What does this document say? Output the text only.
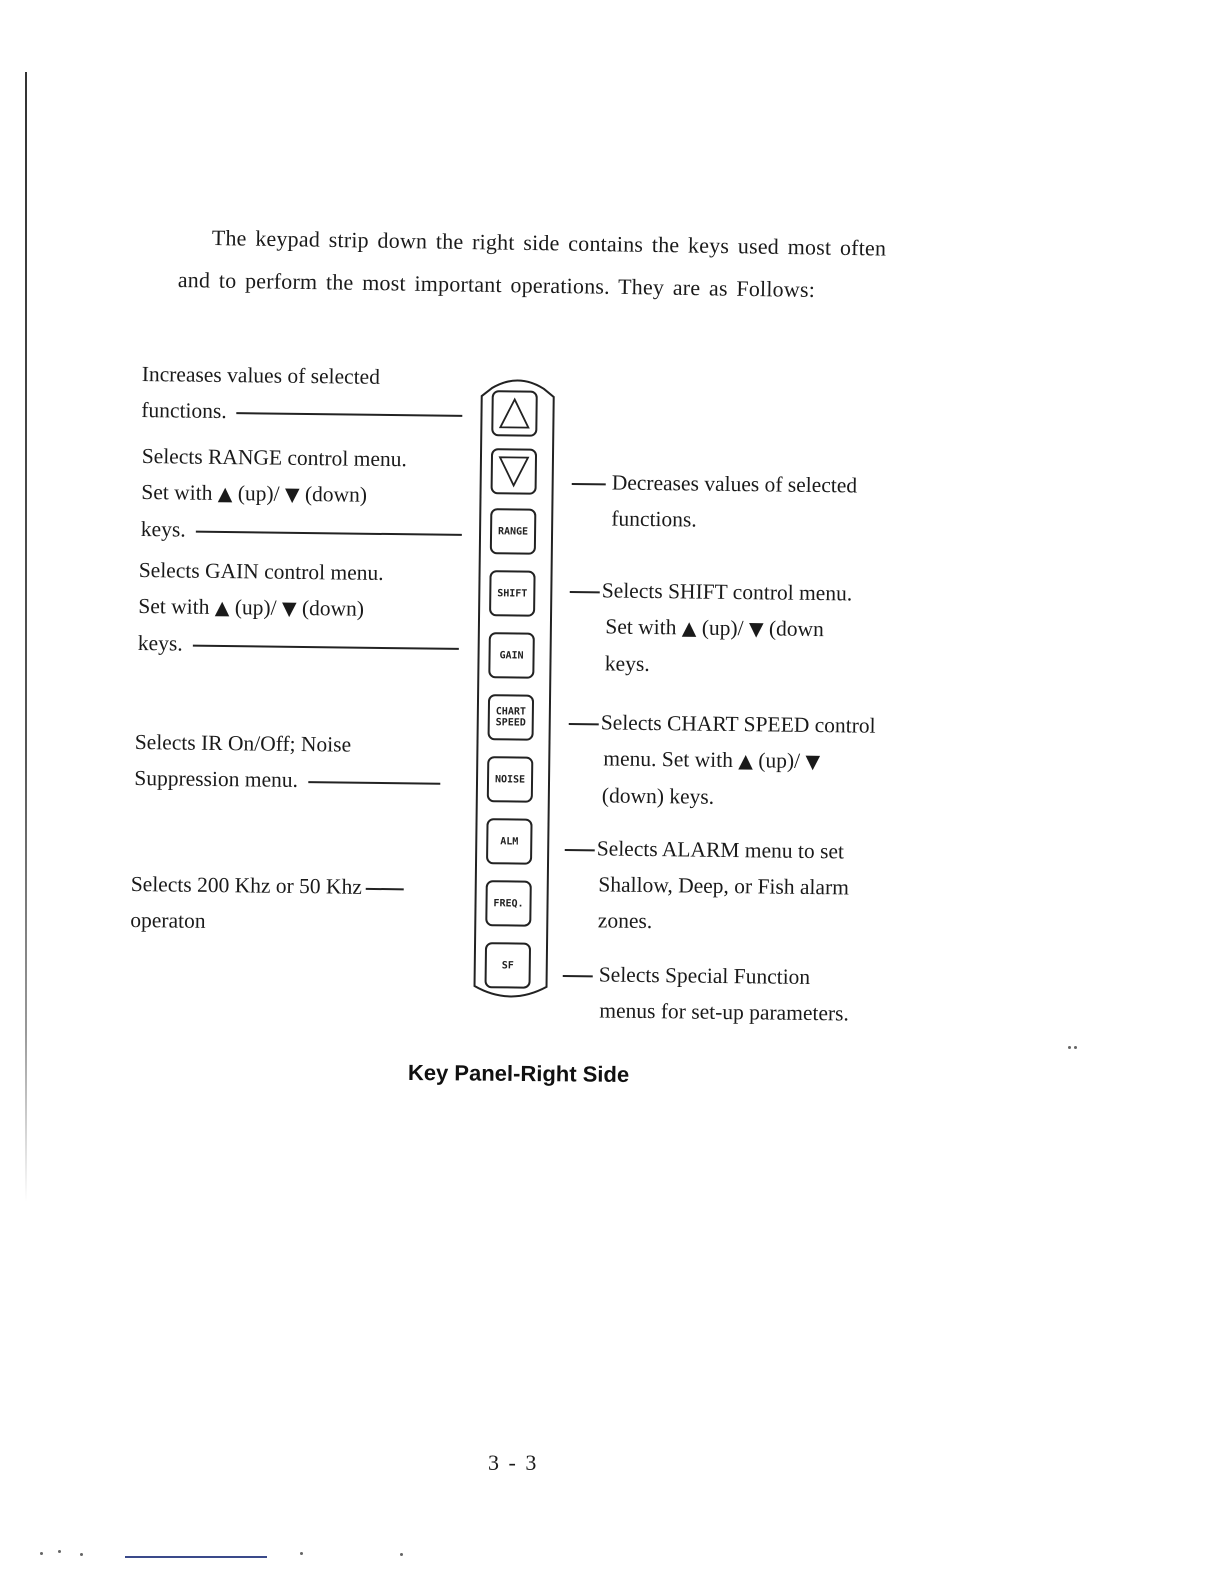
The keypad strip down the right side contains the keys used most often
and to perform the most important operations. They are as Follows:
Increases values of selected
functions.
Selects RANGE control menu.
Set with ▲ (up)/ ▼ (down)
keys.
Selects GAIN control menu.
Set with ▲ (up)/ ▼ (down)
keys.
Selects IR On/Off; Noise
Suppression menu.
Selects 200 Khz or 50 Khz
operaton
Decreases values of selected
functions.
Selects SHIFT control menu.
Set with ▲ (up)/ ▼ (down
keys.
Selects CHART SPEED control
menu. Set with ▲ (up)/ ▼
(down) keys.
Selects ALARM menu to set
Shallow, Deep, or Fish alarm
zones.
Selects Special Function
menus for set-up parameters.
RANGE
SHIFT
GAIN
CHART
SPEED
NOISE
ALM
FREQ.
SF
Key Panel-Right Side
3 - 3
